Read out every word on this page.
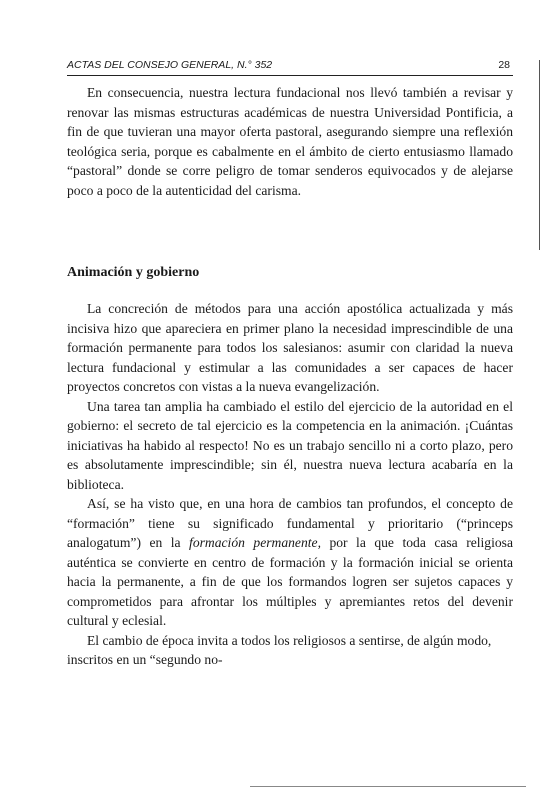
ACTAS DEL CONSEJO GENERAL, N.° 352	28

En consecuencia, nuestra lectura fundacional nos llevó también a revisar y renovar las mismas estructuras académicas de nuestra Universidad Pontificia, a fin de que tuvieran una mayor oferta pastoral, asegurando siempre una reflexión teológica seria, porque es cabalmente en el ámbito de cierto entusiasmo llamado “pastoral” donde se corre peligro de tomar senderos equivocados y de alejarse poco a poco de la autenticidad del carisma.

Animación y gobierno

La concreción de métodos para una acción apostólica actualizada y más incisiva hizo que apareciera en primer plano la necesidad imprescindible de una formación permanente para todos los salesianos: asumir con claridad la nueva lectura fundacional y estimular a las comunidades a ser capaces de hacer proyectos concretos con vistas a la nueva evangelización.

Una tarea tan amplia ha cambiado el estilo del ejercicio de la autoridad en el gobierno: el secreto de tal ejercicio es la competencia en la animación. ¡Cuántas iniciativas ha habido al respecto! No es un trabajo sencillo ni a corto plazo, pero es absolutamente imprescindible; sin él, nuestra nueva lectura acabaría en la biblioteca.

Así, se ha visto que, en una hora de cambios tan profundos, el concepto de “formación” tiene su significado fundamental y prioritario (“princeps analogatum”) en la formación permanente, por la que toda casa religiosa auténtica se convierte en centro de formación y la formación inicial se orienta hacia la permanente, a fin de que los formandos logren ser sujetos capaces y comprometidos para afrontar los múltiples y apremiantes retos del devenir cultural y eclesial.

El cambio de época invita a todos los religiosos a sentirse, de algún modo, inscritos en un “segundo no-
